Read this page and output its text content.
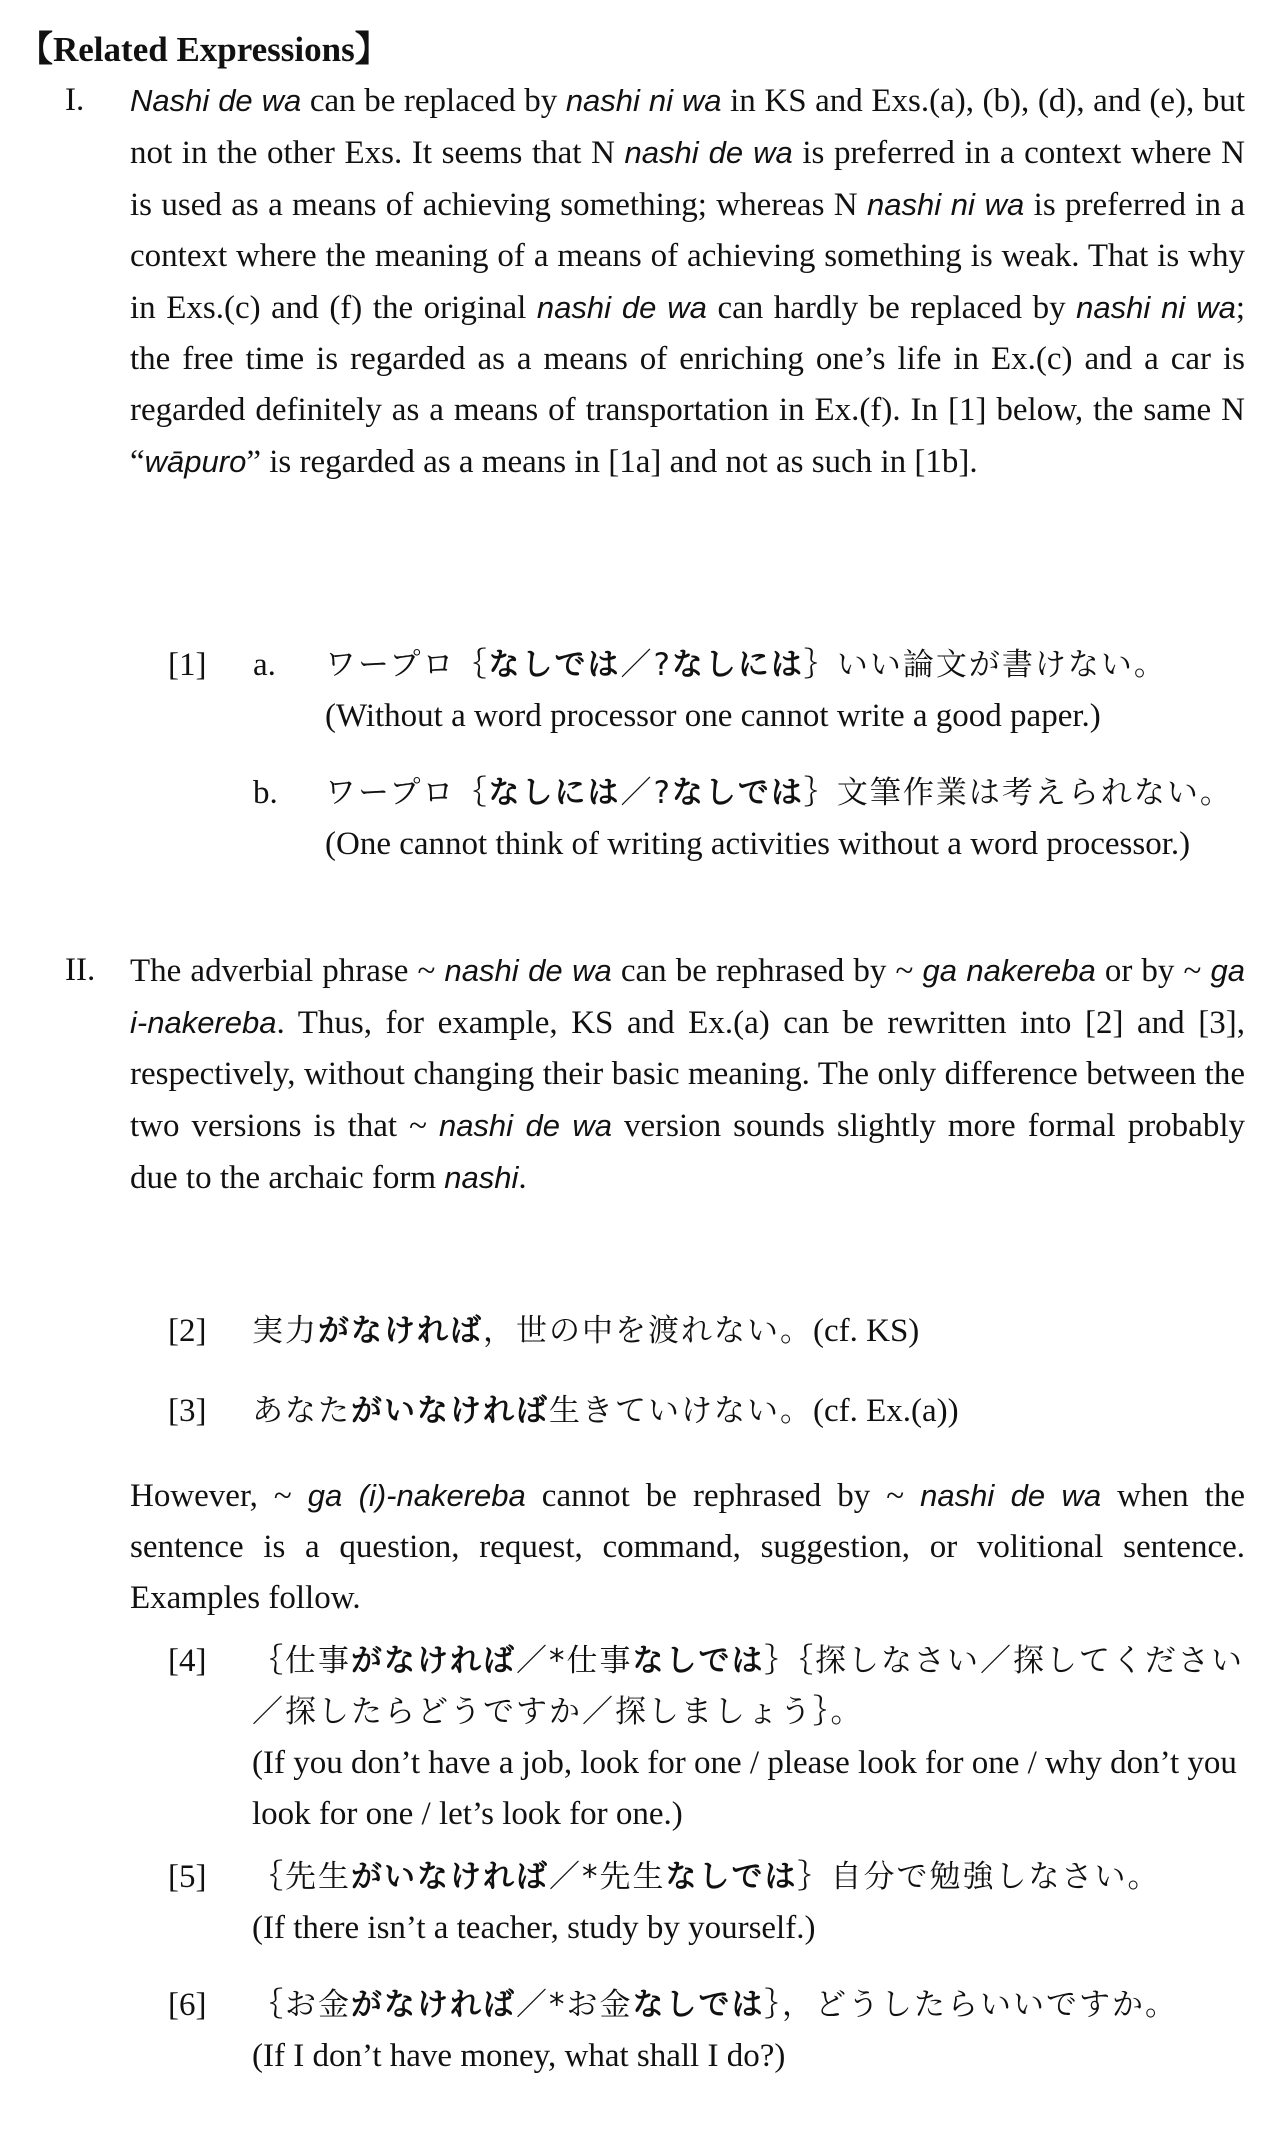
【Related Expressions】
I. Nashi de wa can be replaced by nashi ni wa in KS and Exs.(a), (b), (d), and (e), but not in the other Exs. It seems that N nashi de wa is preferred in a context where N is used as a means of achieving something; whereas N nashi ni wa is preferred in a context where the meaning of a means of achieving something is weak. That is why in Exs.(c) and (f) the original nashi de wa can hardly be replaced by nashi ni wa; the free time is regarded as a means of enriching one’s life in Ex.(c) and a car is regarded definitely as a means of transportation in Ex.(f). In [1] below, the same N “wāpuro” is regarded as a means in [1a] and not as such in [1b].
[1] a. ワープロ｛なしでは／?なしには｝いい論文が書けない。
(Without a word processor one cannot write a good paper.)
b. ワープロ｛なしには／?なしでは｝文筆作業は考えられない。
(One cannot think of writing activities without a word processor.)
II. The adverbial phrase ~ nashi de wa can be rephrased by ~ ga nakereba or by ~ ga i-nakereba. Thus, for example, KS and Ex.(a) can be rewritten into [2] and [3], respectively, without changing their basic meaning. The only difference between the two versions is that ~ nashi de wa version sounds slightly more formal probably due to the archaic form nashi.
[2] 実力がなければ，世の中を渡れない。(cf. KS)
[3] あなたがいなければ生きていけない。(cf. Ex.(a))
However, ~ ga (i)-nakereba cannot be rephrased by ~ nashi de wa when the sentence is a question, request, command, suggestion, or volitional sentence. Examples follow.
[4] ｛仕事がなければ／*仕事なしでは｝｛探しなさい／探してください／探したらどうですか／探しましょう｝。
(If you don’t have a job, look for one / please look for one / why don’t you look for one / let’s look for one.)
[5] ｛先生がいなければ／*先生なしでは｝自分で勉強しなさい。
(If there isn’t a teacher, study by yourself.)
[6] ｛お金がなければ／*お金なしでは｝，どうしたらいいですか。
(If I don’t have money, what shall I do?)
